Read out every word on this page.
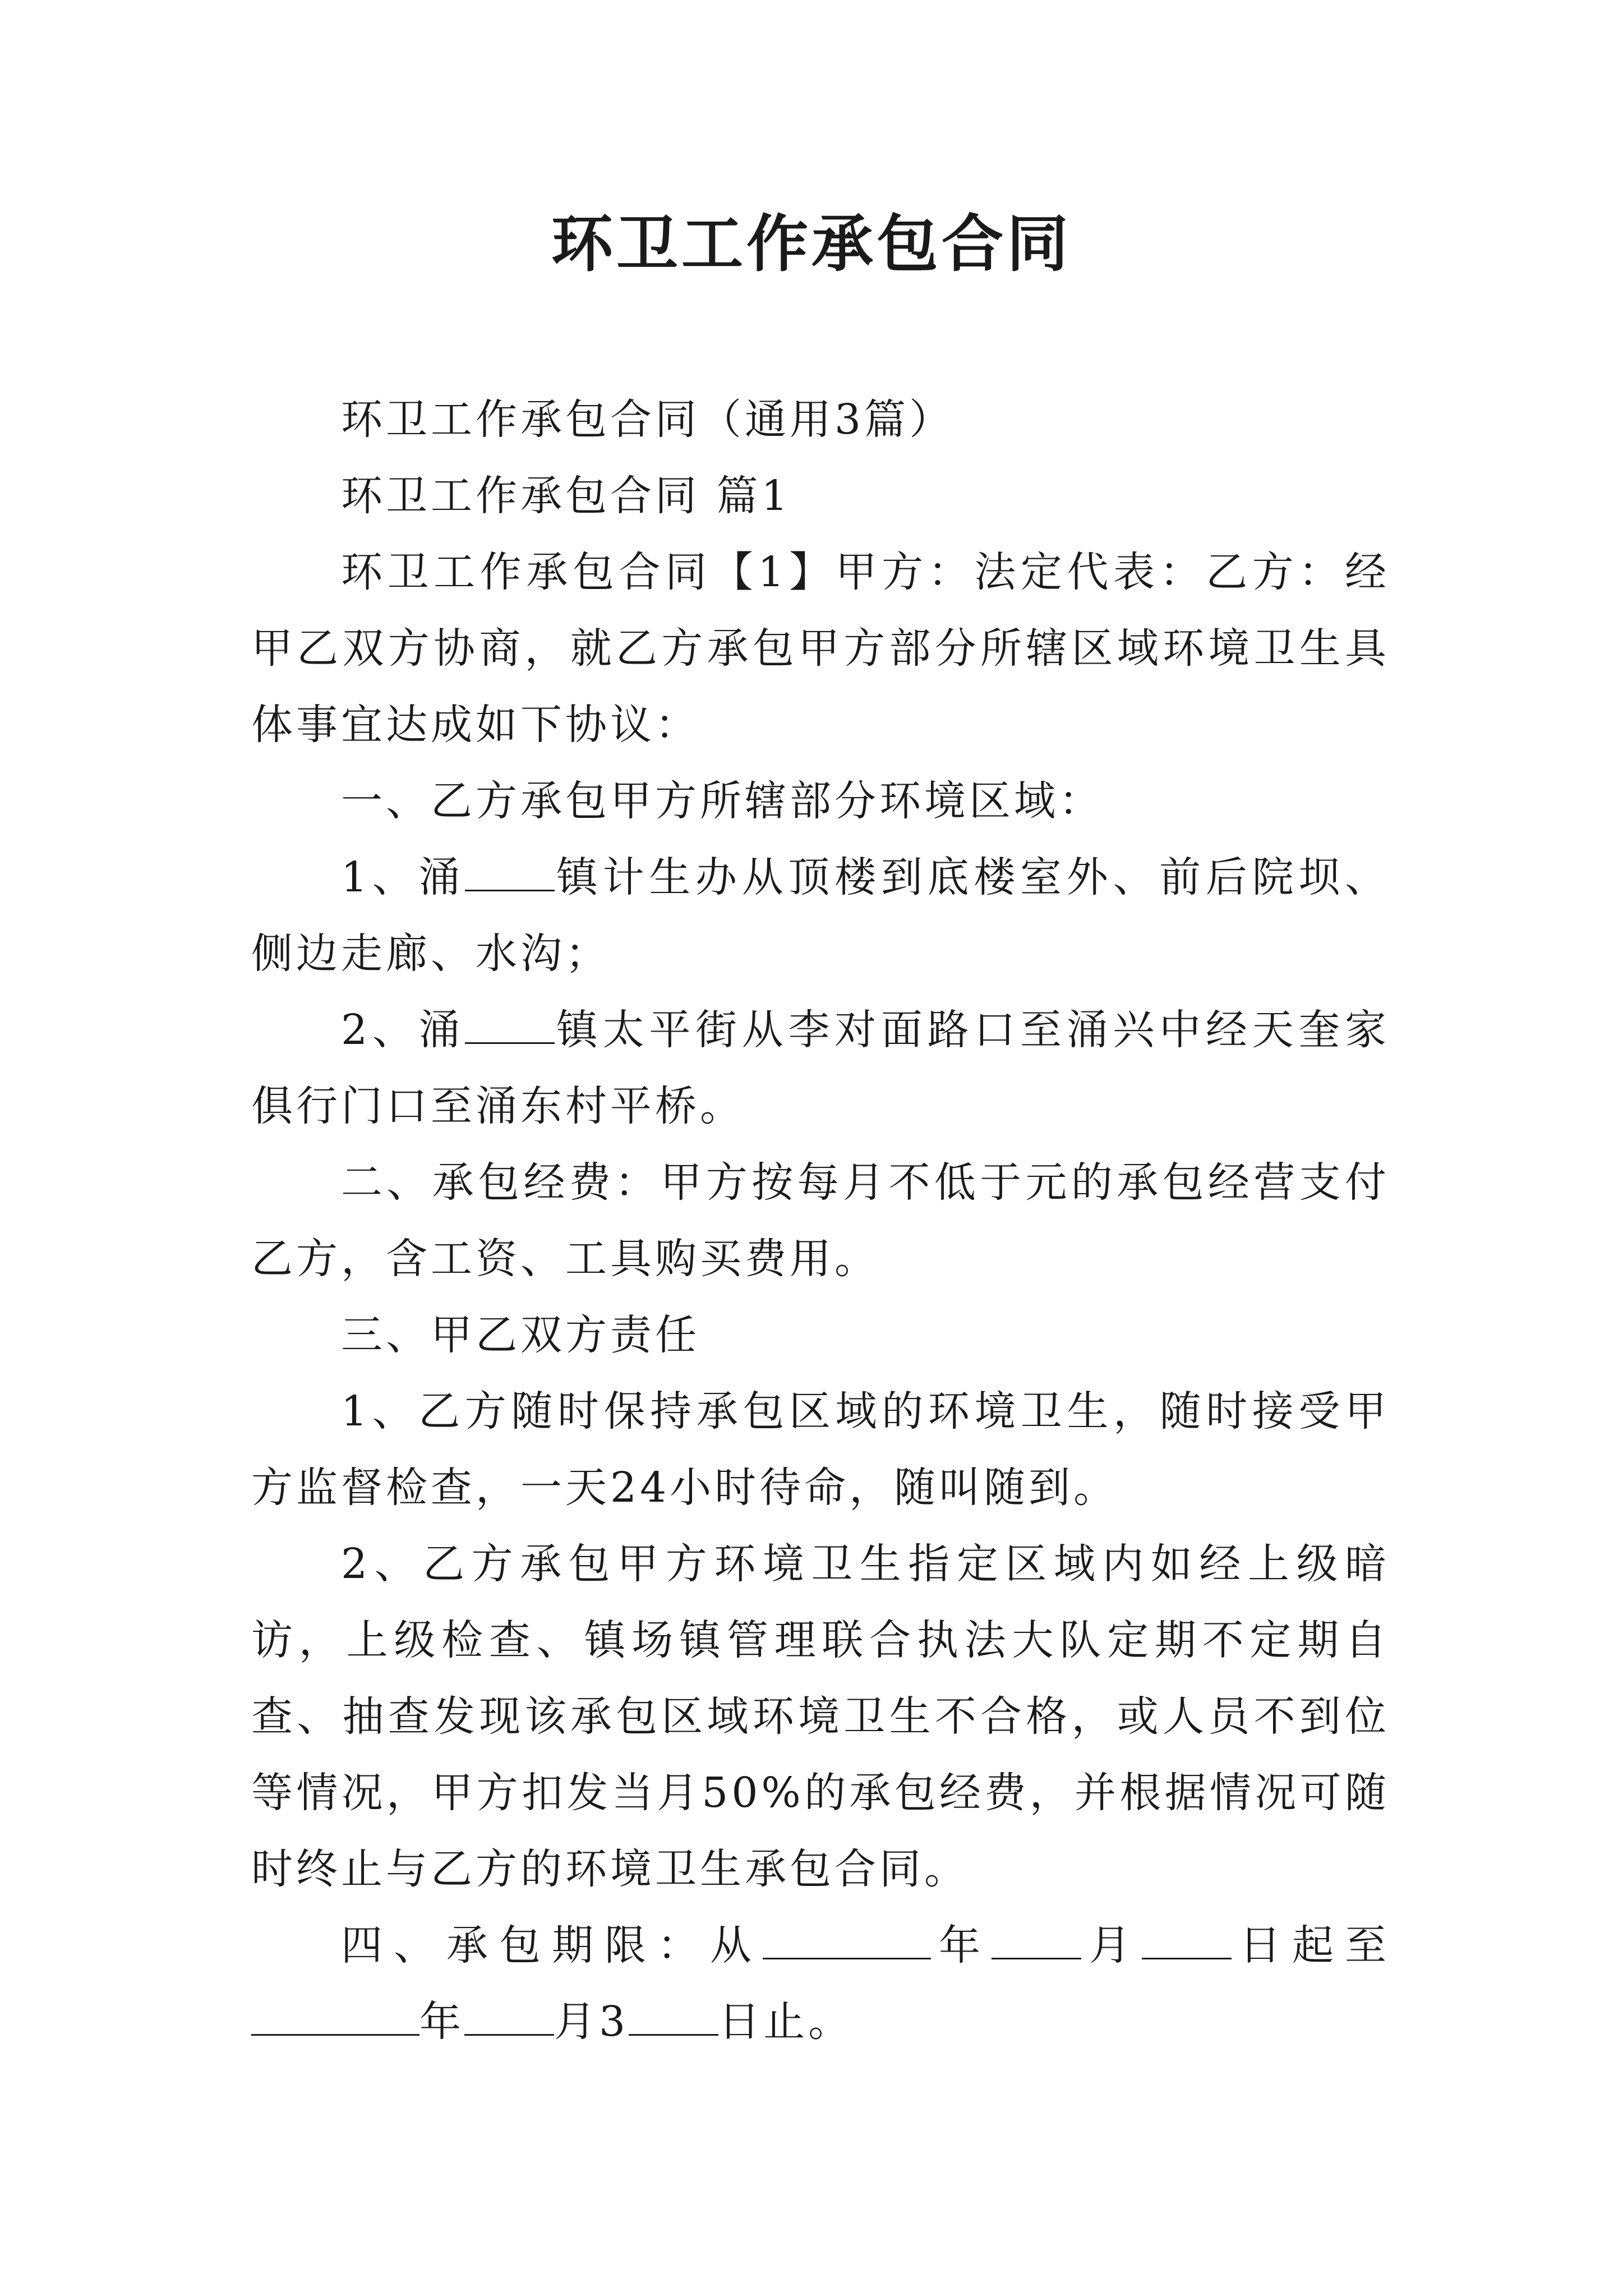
环卫工作承包合同

环卫工作承包合同（通用3篇）

环卫工作承包合同 篇1

环卫工作承包合同【1】甲方：法定代表：乙方：经甲乙双方协商，就乙方承包甲方部分所辖区域环境卫生具体事宜达成如下协议：

一、乙方承包甲方所辖部分环境区域：

1、涌 镇计生办从顶楼到底楼室外、前后院坝、侧边走廊、水沟；

2、涌 镇太平街从李对面路口至涌兴中经天奎家俱行门口至涌东村平桥。

二、承包经费：甲方按每月不低于元的承包经营支付乙方，含工资、工具购买费用。

三、甲乙双方责任

1、乙方随时保持承包区域的环境卫生，随时接受甲方监督检查，一天24小时待命，随叫随到。

2、乙方承包甲方环境卫生指定区域内如经上级暗访，上级检查、镇场镇管理联合执法大队定期不定期自查、抽查发现该承包区域环境卫生不合格，或人员不到位等情况，甲方扣发当月50%的承包经费，并根据情况可随时终止与乙方的环境卫生承包合同。

四、承包期限：从	年 月 日起至年 月3 日止。
